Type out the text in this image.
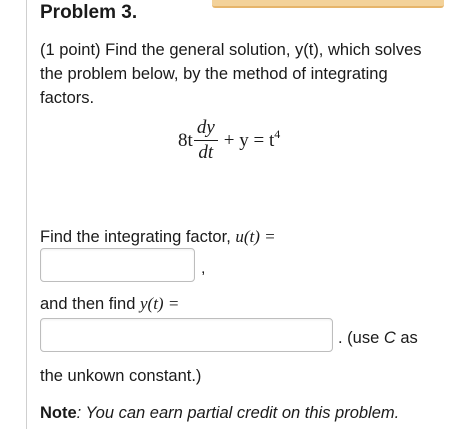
Problem 3.
(1 point) Find the general solution, y(t), which solves
the problem below, by the method of integrating
factors.
$8t \frac{dy}{dt} + y = t^4$
Find the integrating factor, u(t) =
,
and then find y(t) =
. (use C as
the unkown constant.)
Note: You can earn partial credit on this problem.
